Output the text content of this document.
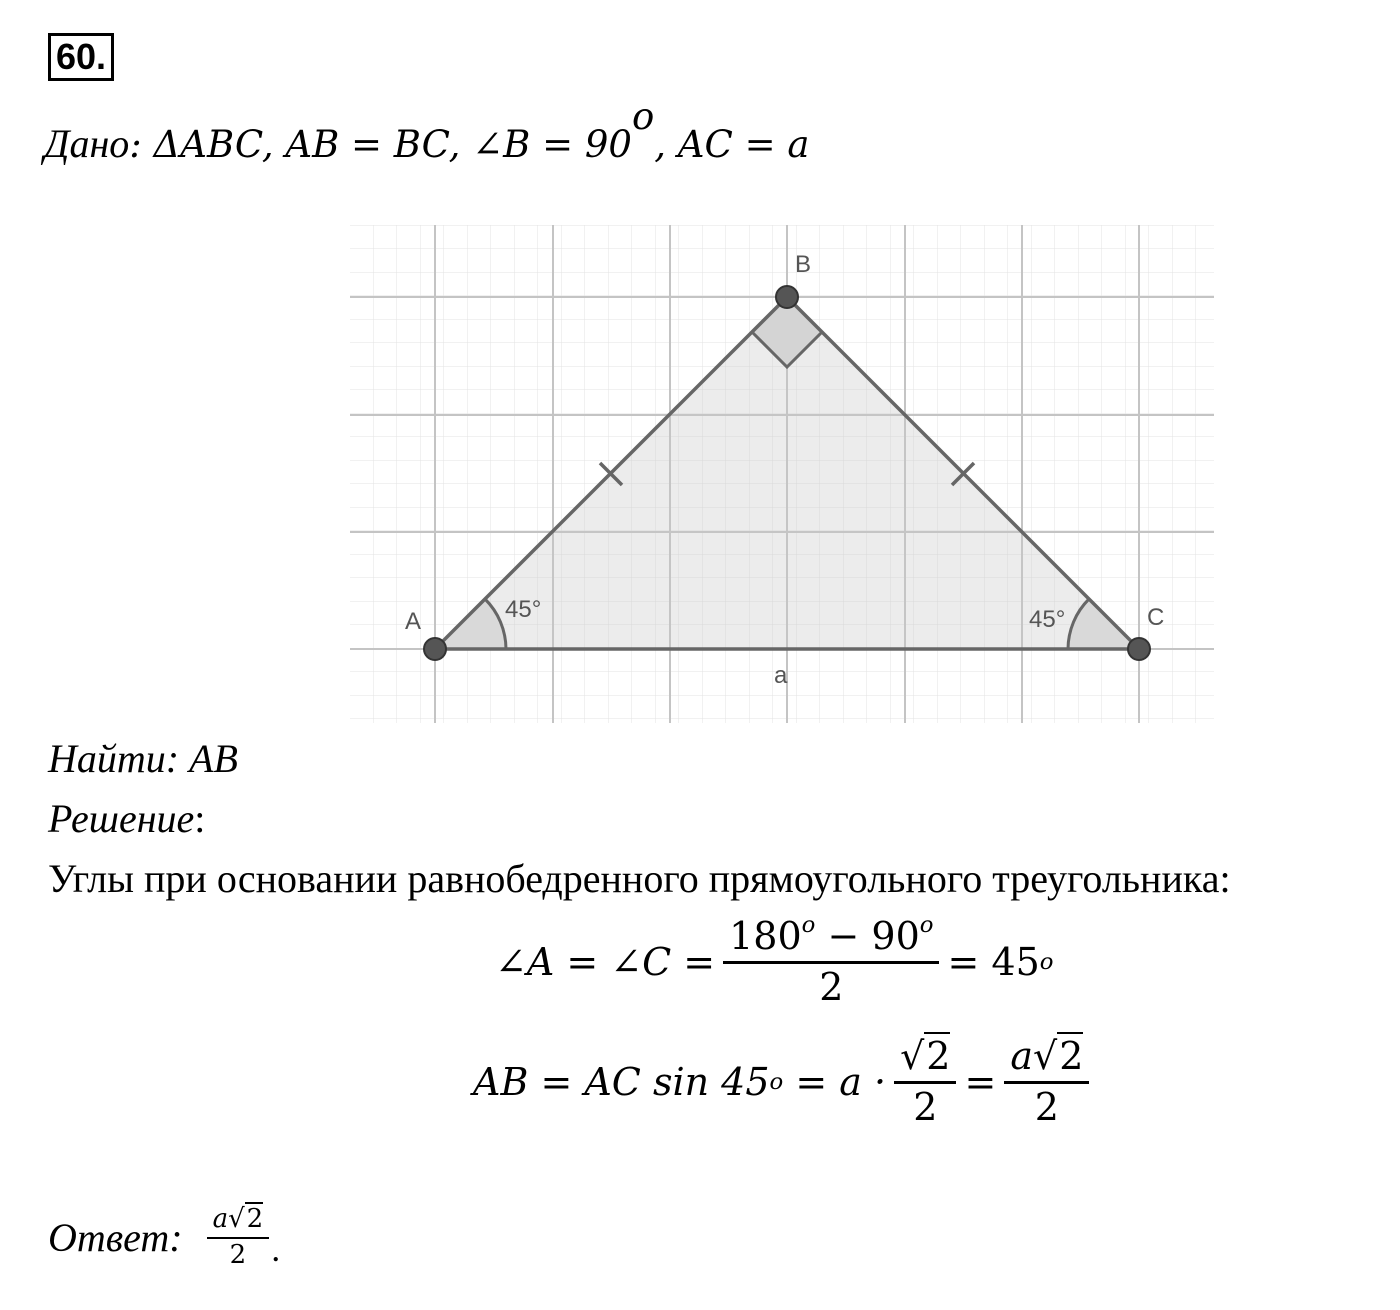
60.
Дано: ΔABC, AB = BC, ∠B = $90^o$, AC = a
A
B
C
a
45°	45°
Найти: AB
Решение:
Углы при основании равнобедренного прямоугольного треугольника:
∠A = ∠C = $\frac{180^o - 90^o}{2} = 45$ o
AB = AC sin 45 $o = a \cdot \frac{√2}{2} = \frac{a√2}{2}$
Ответ: $\frac{a√2}{2}$ .
